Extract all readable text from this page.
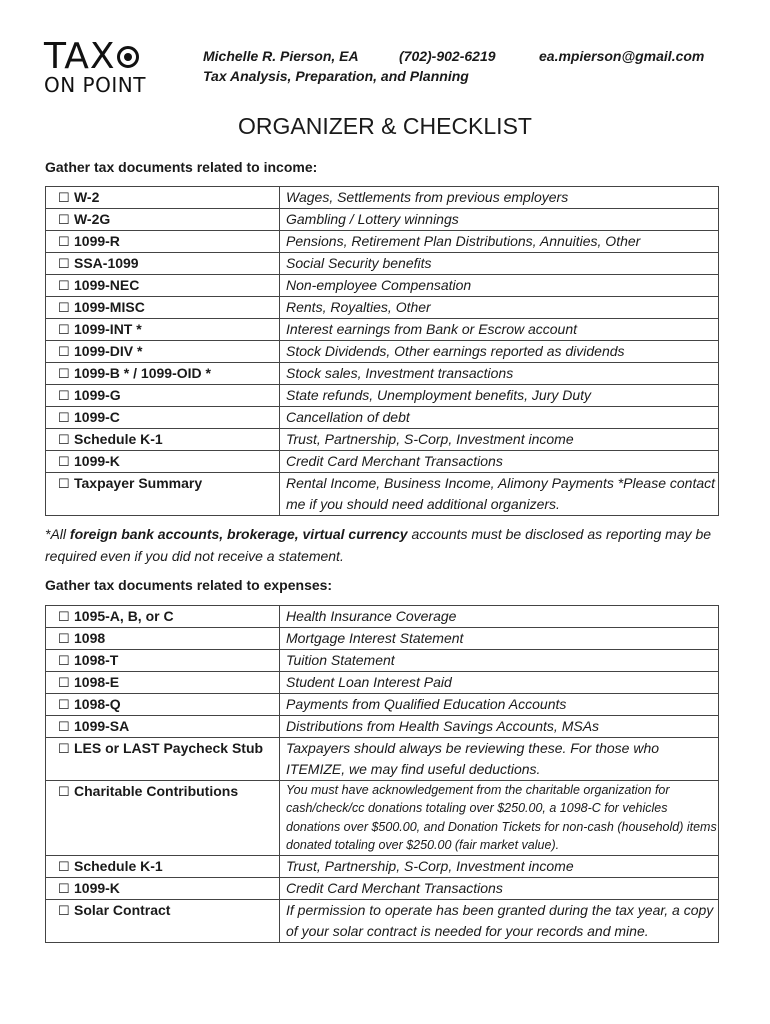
TAX
ON POINT
Michelle R. Pierson, EA	(702)-902-6219	ea.mpierson@gmail.com
Tax Analysis, Preparation, and Planning
ORGANIZER & CHECKLIST
Gather tax documents related to income:
☐ W-2	Wages, Settlements from previous employers

☐ W-2G	Gambling / Lottery winnings

☐ 1099-R	Pensions, Retirement Plan Distributions, Annuities, Other

☐ SSA-1099	Social Security benefits

☐ 1099-NEC	Non-employee Compensation

☐ 1099-MISC	Rents, Royalties, Other

☐ 1099-INT *	Interest earnings from Bank or Escrow account

☐ 1099-DIV *	Stock Dividends, Other earnings reported as dividends

☐ 1099-B * / 1099-OID *	Stock sales, Investment transactions

☐ 1099-G	State refunds, Unemployment benefits, Jury Duty

☐ 1099-C	Cancellation of debt

☐ Schedule K-1	Trust, Partnership, S-Corp, Investment income

☐ 1099-K	Credit Card Merchant Transactions

☐ Taxpayer Summary	Rental Income, Business Income, Alimony Payments *Please contact me if you should need additional organizers.
*All foreign bank accounts, brokerage, virtual currency accounts must be disclosed as reporting may be required even if you did not receive a statement.
Gather tax documents related to expenses:
☐ 1095-A, B, or C	Health Insurance Coverage

☐ 1098	Mortgage Interest Statement

☐ 1098-T	Tuition Statement

☐ 1098-E	Student Loan Interest Paid

☐ 1098-Q	Payments from Qualified Education Accounts

☐ 1099-SA	Distributions from Health Savings Accounts, MSAs

☐ LES or LAST Paycheck Stub	Taxpayers should always be reviewing these. For those who ITEMIZE, we may find useful deductions.

☐ Charitable Contributions	You must have acknowledgement from the charitable organization for cash/check/cc donations totaling over $250.00, a 1098-C for vehicles donations over $500.00, and Donation Tickets for non-cash (household) items donated totaling over $250.00 (fair market value).

☐ Schedule K-1	Trust, Partnership, S-Corp, Investment income

☐ 1099-K	Credit Card Merchant Transactions

☐ Solar Contract	If permission to operate has been granted during the tax year, a copy of your solar contract is needed for your records and mine.
